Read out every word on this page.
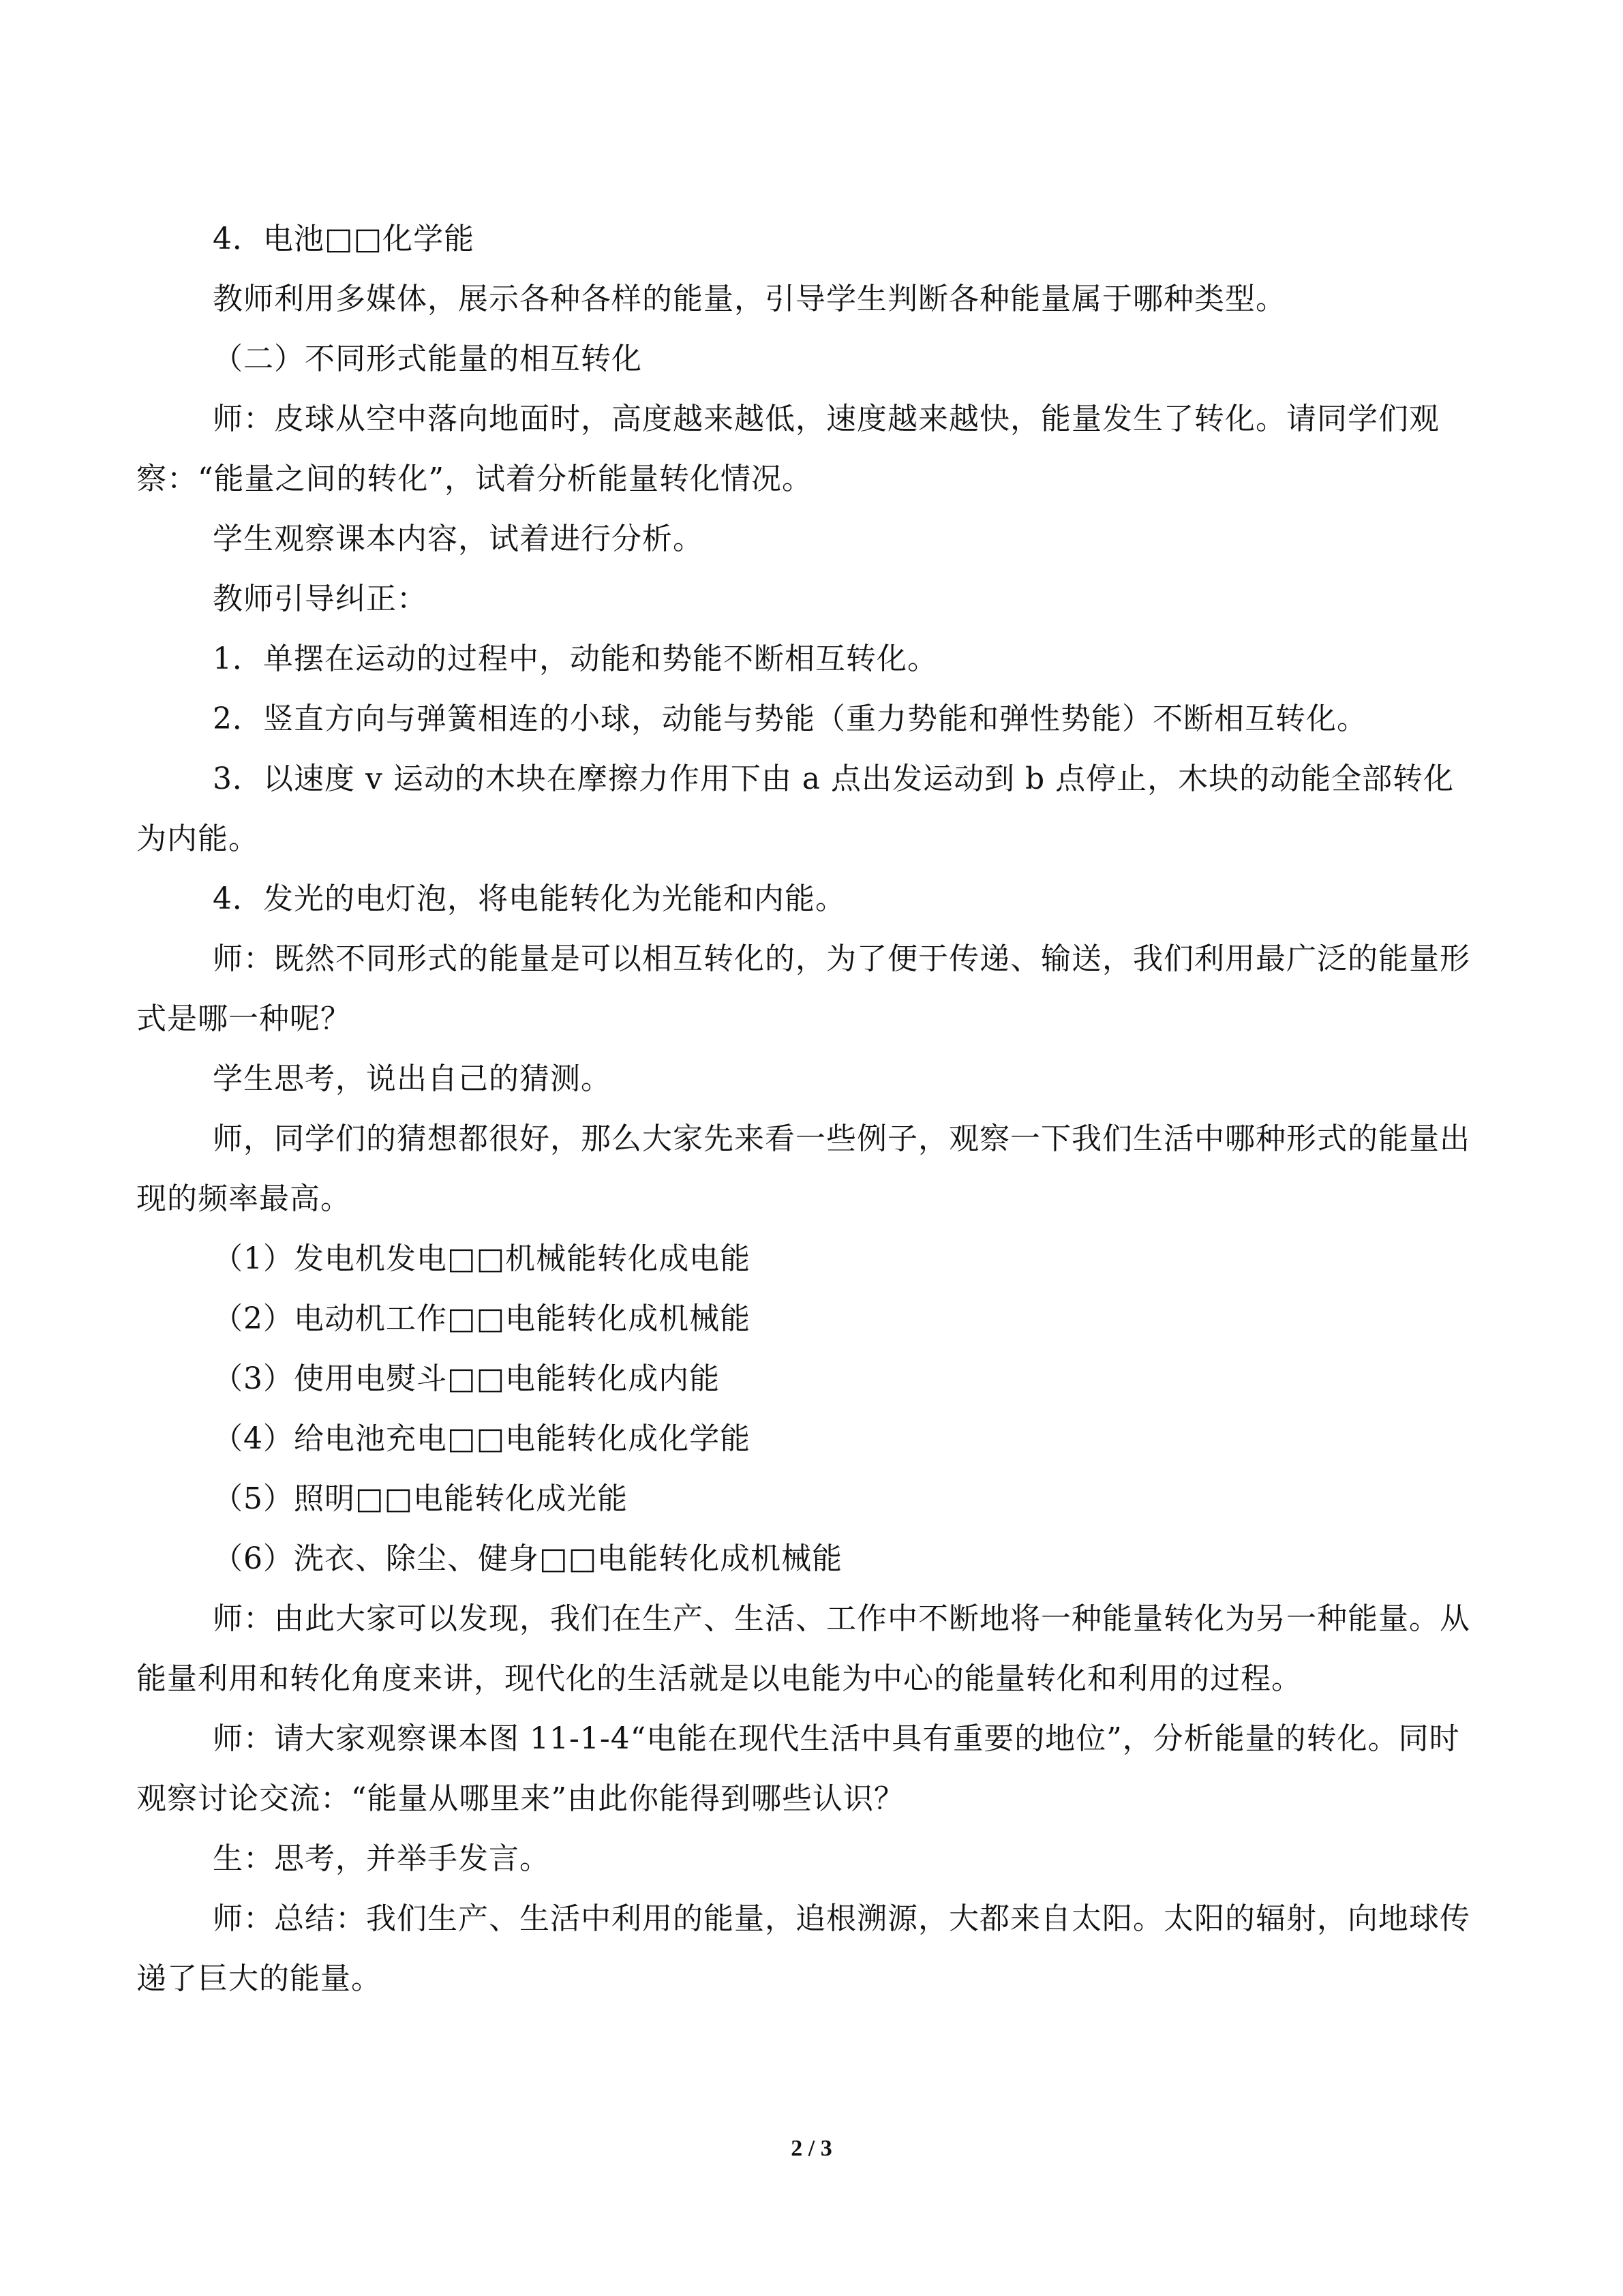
4．电池□□化学能

教师利用多媒体，展示各种各样的能量，引导学生判断各种能量属于哪种类型。

（二）不同形式能量的相互转化

师：皮球从空中落向地面时，高度越来越低，速度越来越快，能量发生了转化。请同学们观察：“能量之间的转化”，试着分析能量转化情况。

学生观察课本内容，试着进行分析。

教师引导纠正：

1．单摆在运动的过程中，动能和势能不断相互转化。

2．竖直方向与弹簧相连的小球，动能与势能（重力势能和弹性势能）不断相互转化。

3．以速度 v 运动的木块在摩擦力作用下由 a 点出发运动到 b 点停止，木块的动能全部转化为内能。

4．发光的电灯泡，将电能转化为光能和内能。

师：既然不同形式的能量是可以相互转化的，为了便于传递、输送，我们利用最广泛的能量形式是哪一种呢？

学生思考，说出自己的猜测。

师，同学们的猜想都很好，那么大家先来看一些例子，观察一下我们生活中哪种形式的能量出现的频率最高。

（1）发电机发电□□机械能转化成电能

（2）电动机工作□□电能转化成机械能

（3）使用电熨斗□□电能转化成内能

（4）给电池充电□□电能转化成化学能

（5）照明□□电能转化成光能

（6）洗衣、除尘、健身□□电能转化成机械能

师：由此大家可以发现，我们在生产、生活、工作中不断地将一种能量转化为另一种能量。从能量利用和转化角度来讲，现代化的生活就是以电能为中心的能量转化和利用的过程。

师：请大家观察课本图 11-1-4“电能在现代生活中具有重要的地位”，分析能量的转化。同时观察讨论交流：“能量从哪里来”由此你能得到哪些认识？

生：思考，并举手发言。

师：总结：我们生产、生活中利用的能量，追根溯源，大都来自太阳。太阳的辐射，向地球传递了巨大的能量。

2 / 3
